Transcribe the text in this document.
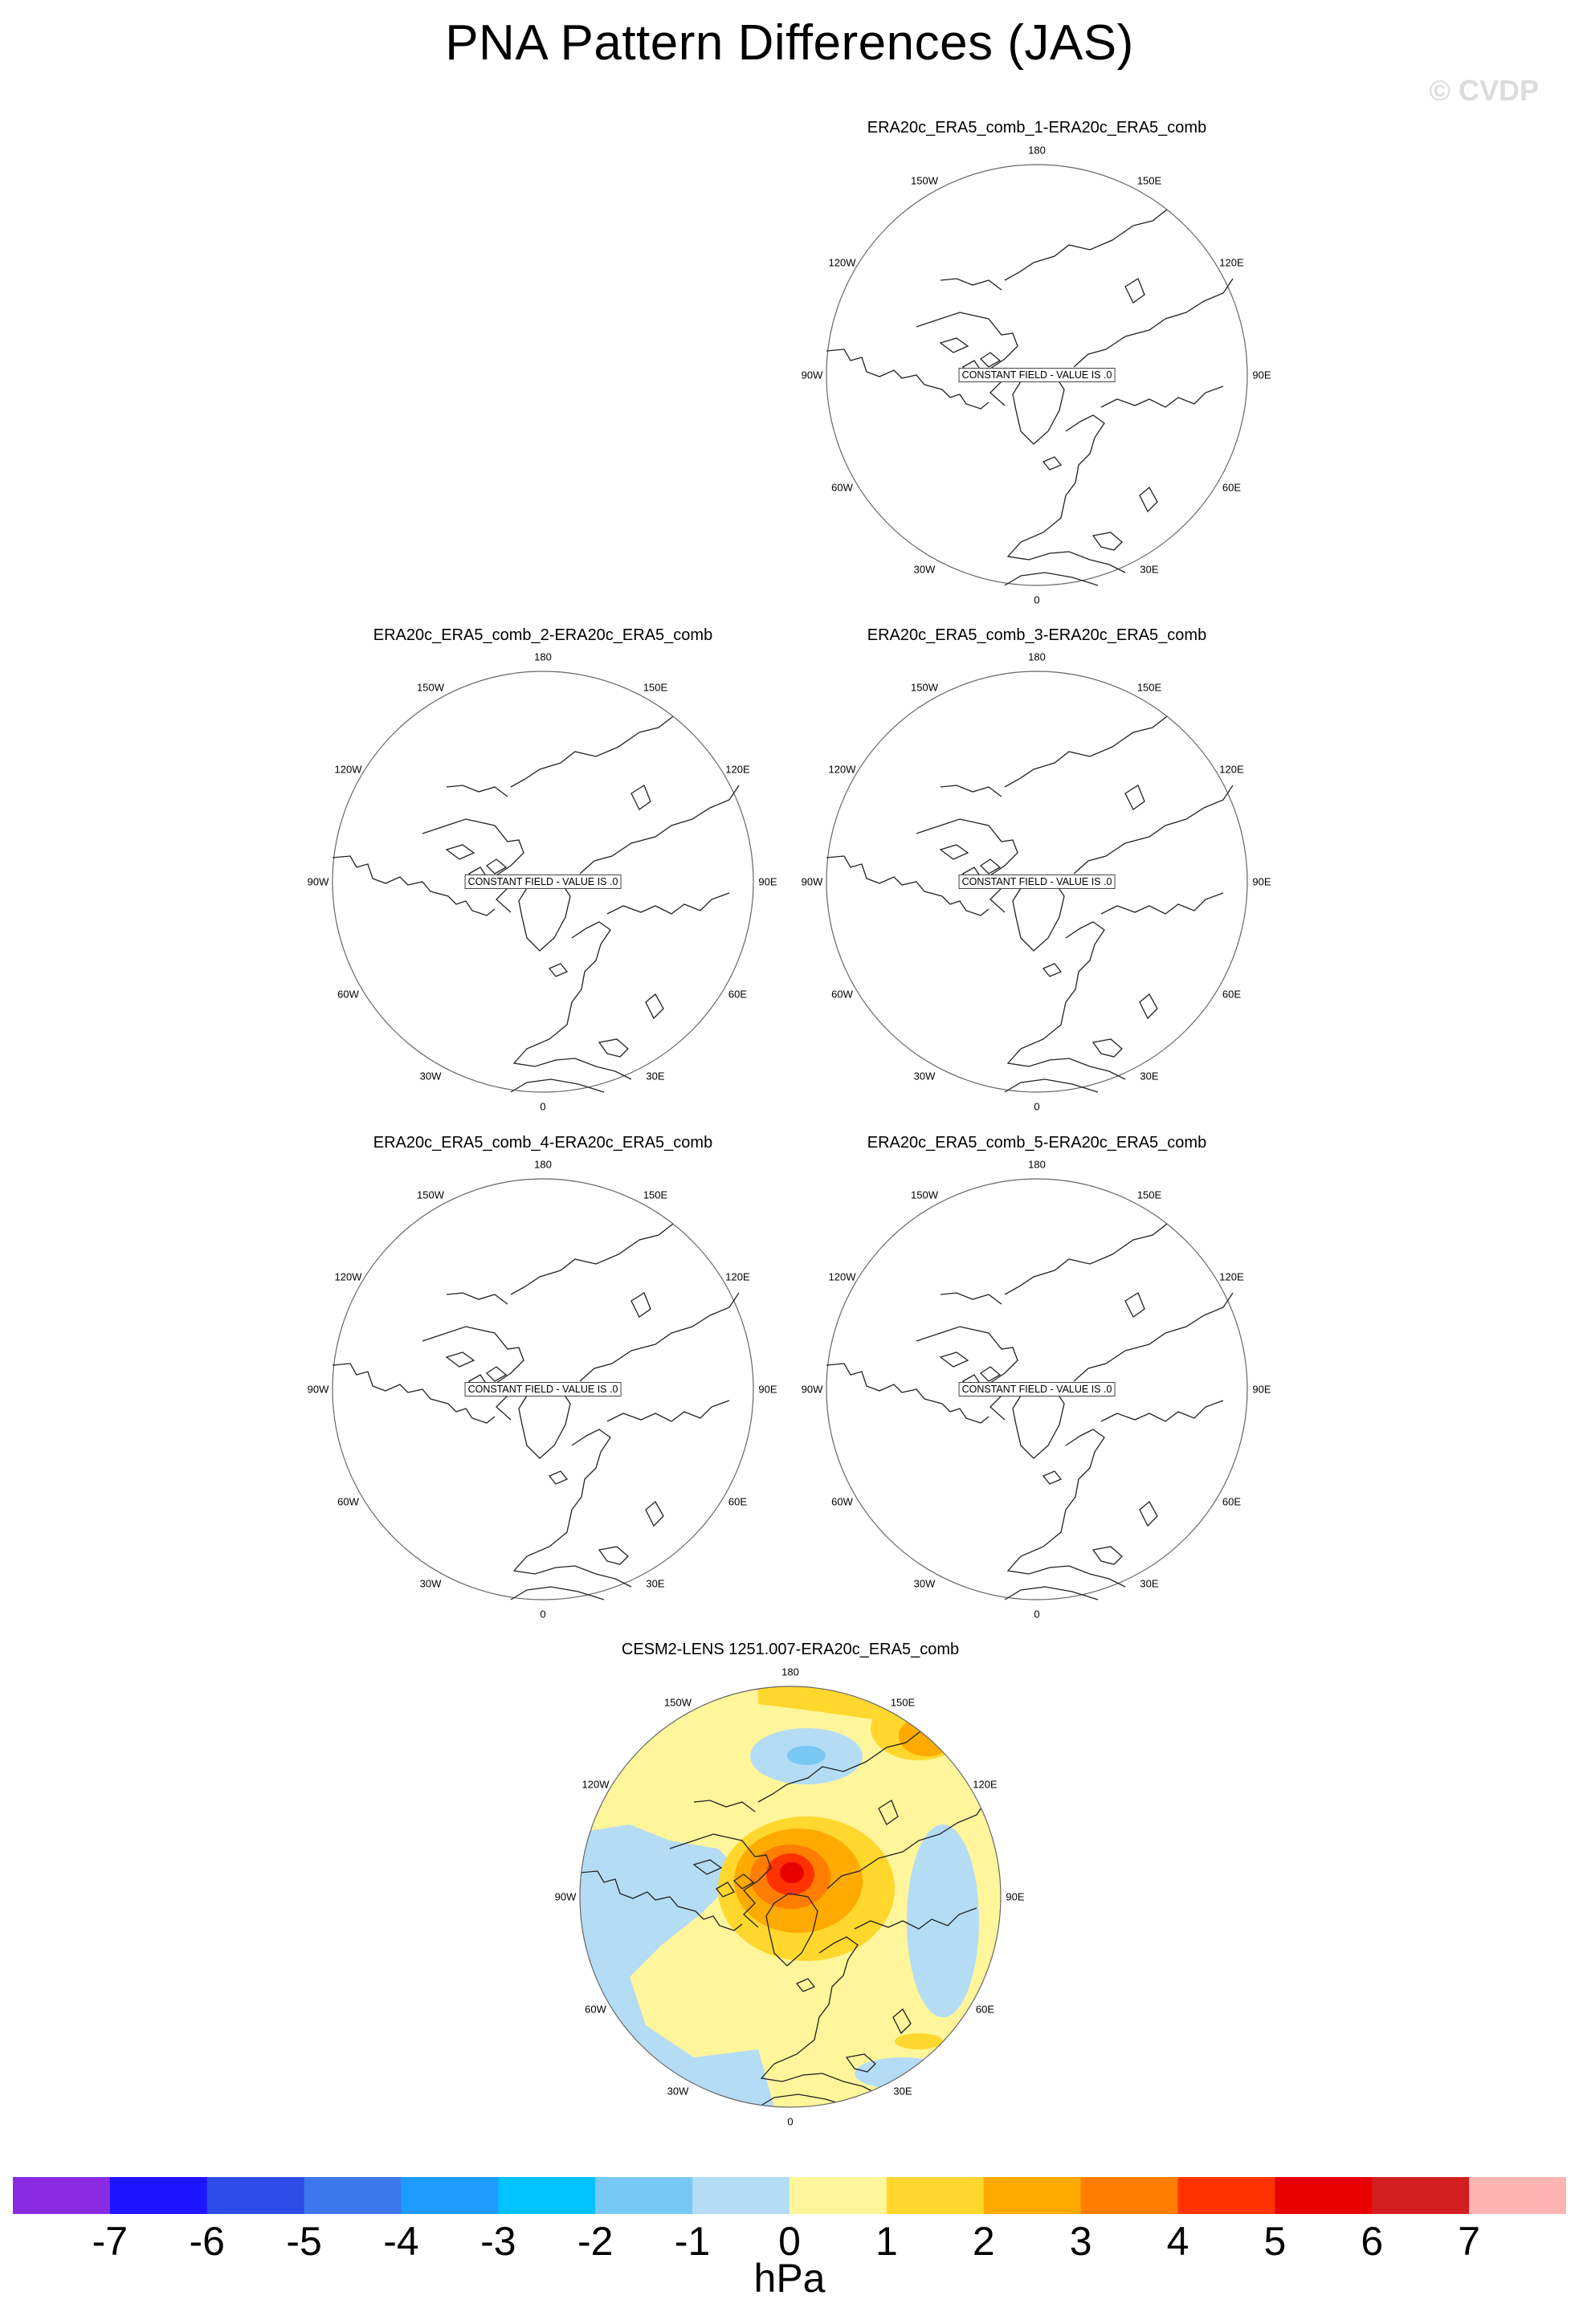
PNA Pattern Differences (JAS)
© CVDP
ERA20c_ERA5_comb_1-ERA20c_ERA5_comb
180
150E
120E
90E
60E
30E
0
30W
60W
90W
120W
150W
CONSTANT FIELD - VALUE IS .0
ERA20c_ERA5_comb_2-ERA20c_ERA5_comb
180
150E
120E
90E
60E
30E
0
30W
60W
90W
120W
150W
CONSTANT FIELD - VALUE IS .0
ERA20c_ERA5_comb_3-ERA20c_ERA5_comb
180
150E
120E
90E
60E
30E
0
30W
60W
90W
120W
150W
CONSTANT FIELD - VALUE IS .0
ERA20c_ERA5_comb_4-ERA20c_ERA5_comb
180
150E
120E
90E
60E
30E
0
30W
60W
90W
120W
150W
CONSTANT FIELD - VALUE IS .0
ERA20c_ERA5_comb_5-ERA20c_ERA5_comb
180
150E
120E
90E
60E
30E
0
30W
60W
90W
120W
150W
CONSTANT FIELD - VALUE IS .0
CESM2-LENS 1251.007-ERA20c_ERA5_comb
180
150E
120E
90E
60E
30E
0
30W
60W
90W
120W
150W
-7 -6 -5 -4 -3 -2 -1 0 1 2 3 4 5 6 7
hPa
